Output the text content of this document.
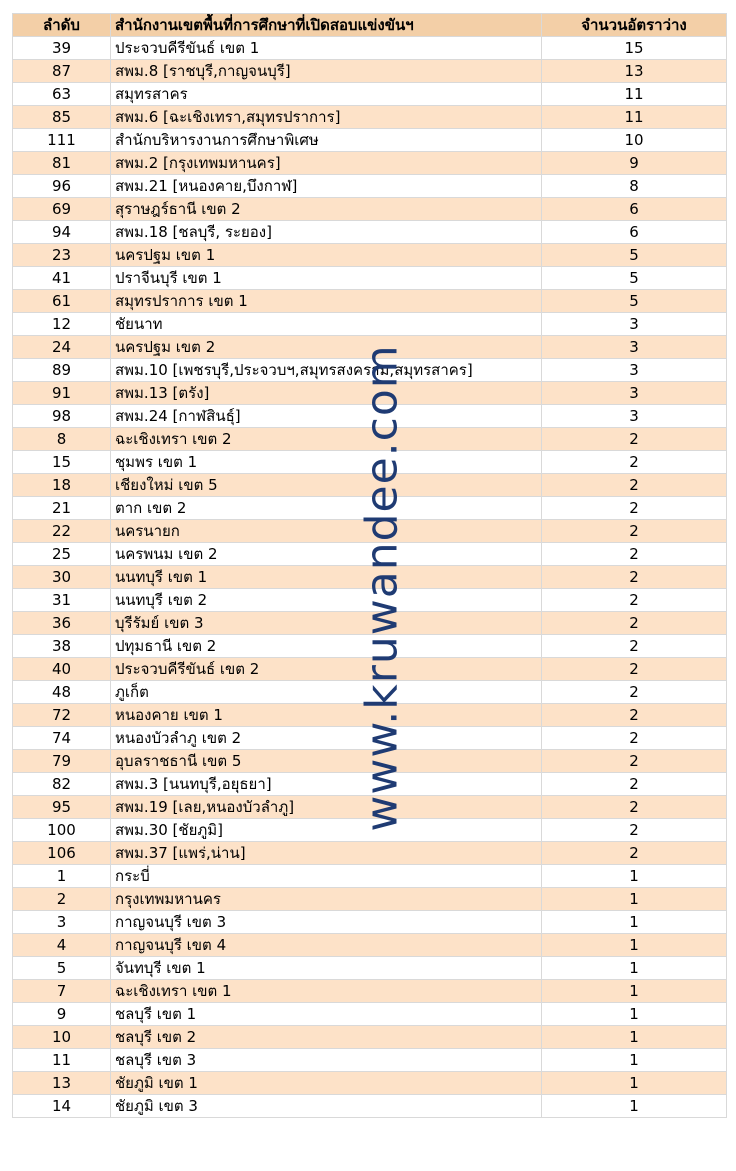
ลำดับ	สำนักงานเขตพื้นที่การศึกษาที่เปิดสอบแข่งขันฯ	จำนวนอัตราว่าง
39	ประจวบคีรีขันธ์ เขต 1	15
87	สพม.8 [ราชบุรี,กาญจนบุรี]	13
63	สมุทรสาคร	11
85	สพม.6 [ฉะเชิงเทรา,สมุทรปราการ]	11
111	สำนักบริหารงานการศึกษาพิเศษ	10
81	สพม.2 [กรุงเทพมหานคร]	9
96	สพม.21 [หนองคาย,บึงกาฬ]	8
69	สุราษฎร์ธานี เขต 2	6
94	สพม.18 [ชลบุรี, ระยอง]	6
23	นครปฐม เขต 1	5
41	ปราจีนบุรี เขต 1	5
61	สมุทรปราการ เขต 1	5
12	ชัยนาท	3
24	นครปฐม เขต 2	3
89	สพม.10 [เพชรบุรี,ประจวบฯ,สมุทรสงคราม,สมุทรสาคร]	3
91	สพม.13 [ตรัง]	3
98	สพม.24 [กาฬสินธุ์]	3
8	ฉะเชิงเทรา เขต 2	2
15	ชุมพร เขต 1	2
18	เชียงใหม่ เขต 5	2
21	ตาก เขต 2	2
22	นครนายก	2
25	นครพนม เขต 2	2
30	นนทบุรี เขต 1	2
31	นนทบุรี เขต 2	2
36	บุรีรัมย์ เขต 3	2
38	ปทุมธานี เขต 2	2
40	ประจวบคีรีขันธ์ เขต 2	2
48	ภูเก็ต	2
72	หนองคาย เขต 1	2
74	หนองบัวลำภู เขต 2	2
79	อุบลราชธานี เขต 5	2
82	สพม.3 [นนทบุรี,อยุธยา]	2
95	สพม.19 [เลย,หนองบัวลำภู]	2
100	สพม.30 [ชัยภูมิ]	2
106	สพม.37 [แพร่,น่าน]	2
1	กระบี่	1
2	กรุงเทพมหานคร	1
3	กาญจนบุรี เขต 3	1
4	กาญจนบุรี เขต 4	1
5	จันทบุรี เขต 1	1
7	ฉะเชิงเทรา เขต 1	1
9	ชลบุรี เขต 1	1
10	ชลบุรี เขต 2	1
11	ชลบุรี เขต 3	1
13	ชัยภูมิ เขต 1	1
14	ชัยภูมิ เขต 3	1
www.kruwandee.com
